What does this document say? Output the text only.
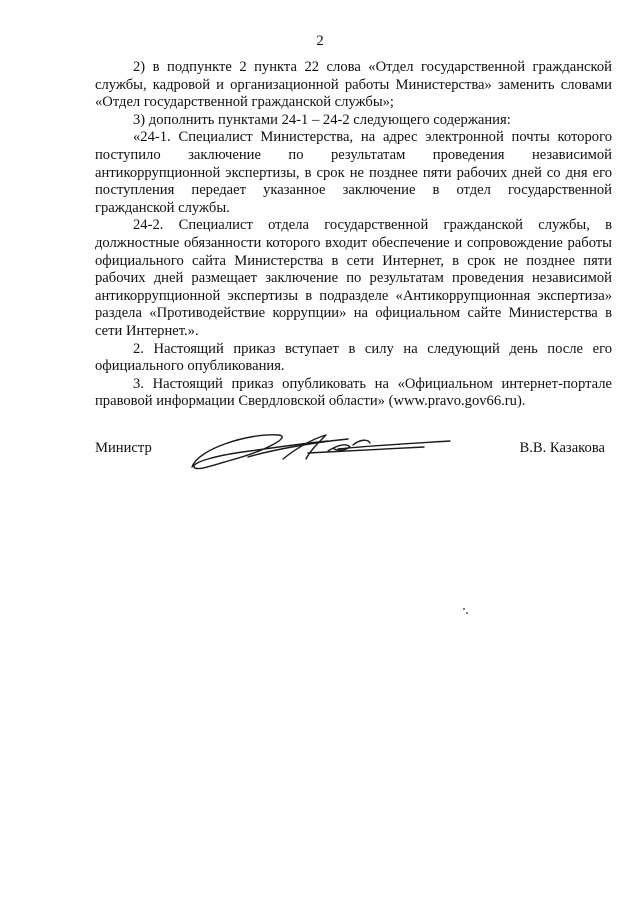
2

2) в подпункте 2 пункта 22 слова «Отдел государственной гражданской службы, кадровой и организационной работы Министерства» заменить словами «Отдел государственной гражданской службы»;

3) дополнить пунктами 24-1 – 24-2 следующего содержания:

«24-1. Специалист Министерства, на адрес электронной почты которого поступило заключение по результатам проведения независимой антикоррупционной экспертизы, в срок не позднее пяти рабочих дней со дня его поступления передает указанное заключение в отдел государственной гражданской службы.

24-2. Специалист отдела государственной гражданской службы, в должностные обязанности которого входит обеспечение и сопровождение работы официального сайта Министерства в сети Интернет, в срок не позднее пяти рабочих дней размещает заключение по результатам проведения независимой антикоррупционной экспертизы в подразделе «Антикоррупционная экспертиза» раздела «Противодействие коррупции» на официальном сайте Министерства в сети Интернет.».

2. Настоящий приказ вступает в силу на следующий день после его официального опубликования.

3. Настоящий приказ опубликовать на «Официальном интернет-портале правовой информации Свердловской области» (www.pravo.gov66.ru).

Министр	В.В. Казакова
